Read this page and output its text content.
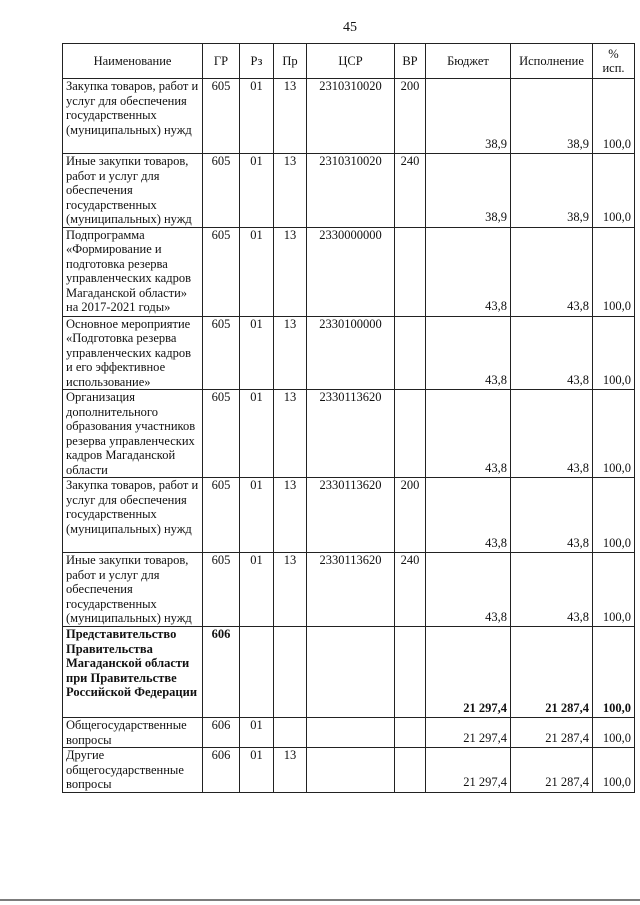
45
Наименование	ГР	Рз	Пр	ЦСР	ВР	Бюджет	Исполнение	%
исп.

Закупка товаров, работ и услуг для обеспечения государственных (муниципальных) нужд	605	01	13	2310310020	200	38,9	38,9	100,0
Иные закупки товаров, работ и услуг для обеспечения государственных (муниципальных) нужд	605	01	13	2310310020	240	38,9	38,9	100,0
Подпрограмма «Формирование и подготовка резерва управленческих кадров Магаданской области» на 2017-2021 годы»	605	01	13	2330000000		43,8	43,8	100,0
Основное мероприятие «Подготовка резерва управленческих кадров и его эффективное использование»	605	01	13	2330100000		43,8	43,8	100,0
Организация дополнительного образования участников резерва управленческих кадров Магаданской области	605	01	13	2330113620		43,8	43,8	100,0
Закупка товаров, работ и услуг для обеспечения государственных (муниципальных) нужд	605	01	13	2330113620	200	43,8	43,8	100,0
Иные закупки товаров, работ и услуг для обеспечения государственных (муниципальных) нужд	605	01	13	2330113620	240	43,8	43,8	100,0
Представительство Правительства Магаданской области при Правительстве Российской Федерации	606					21 297,4	21 287,4	100,0
Общегосударственные вопросы	606	01				21 297,4	21 287,4	100,0
Другие общегосударственные вопросы	606	01	13			21 297,4	21 287,4	100,0
